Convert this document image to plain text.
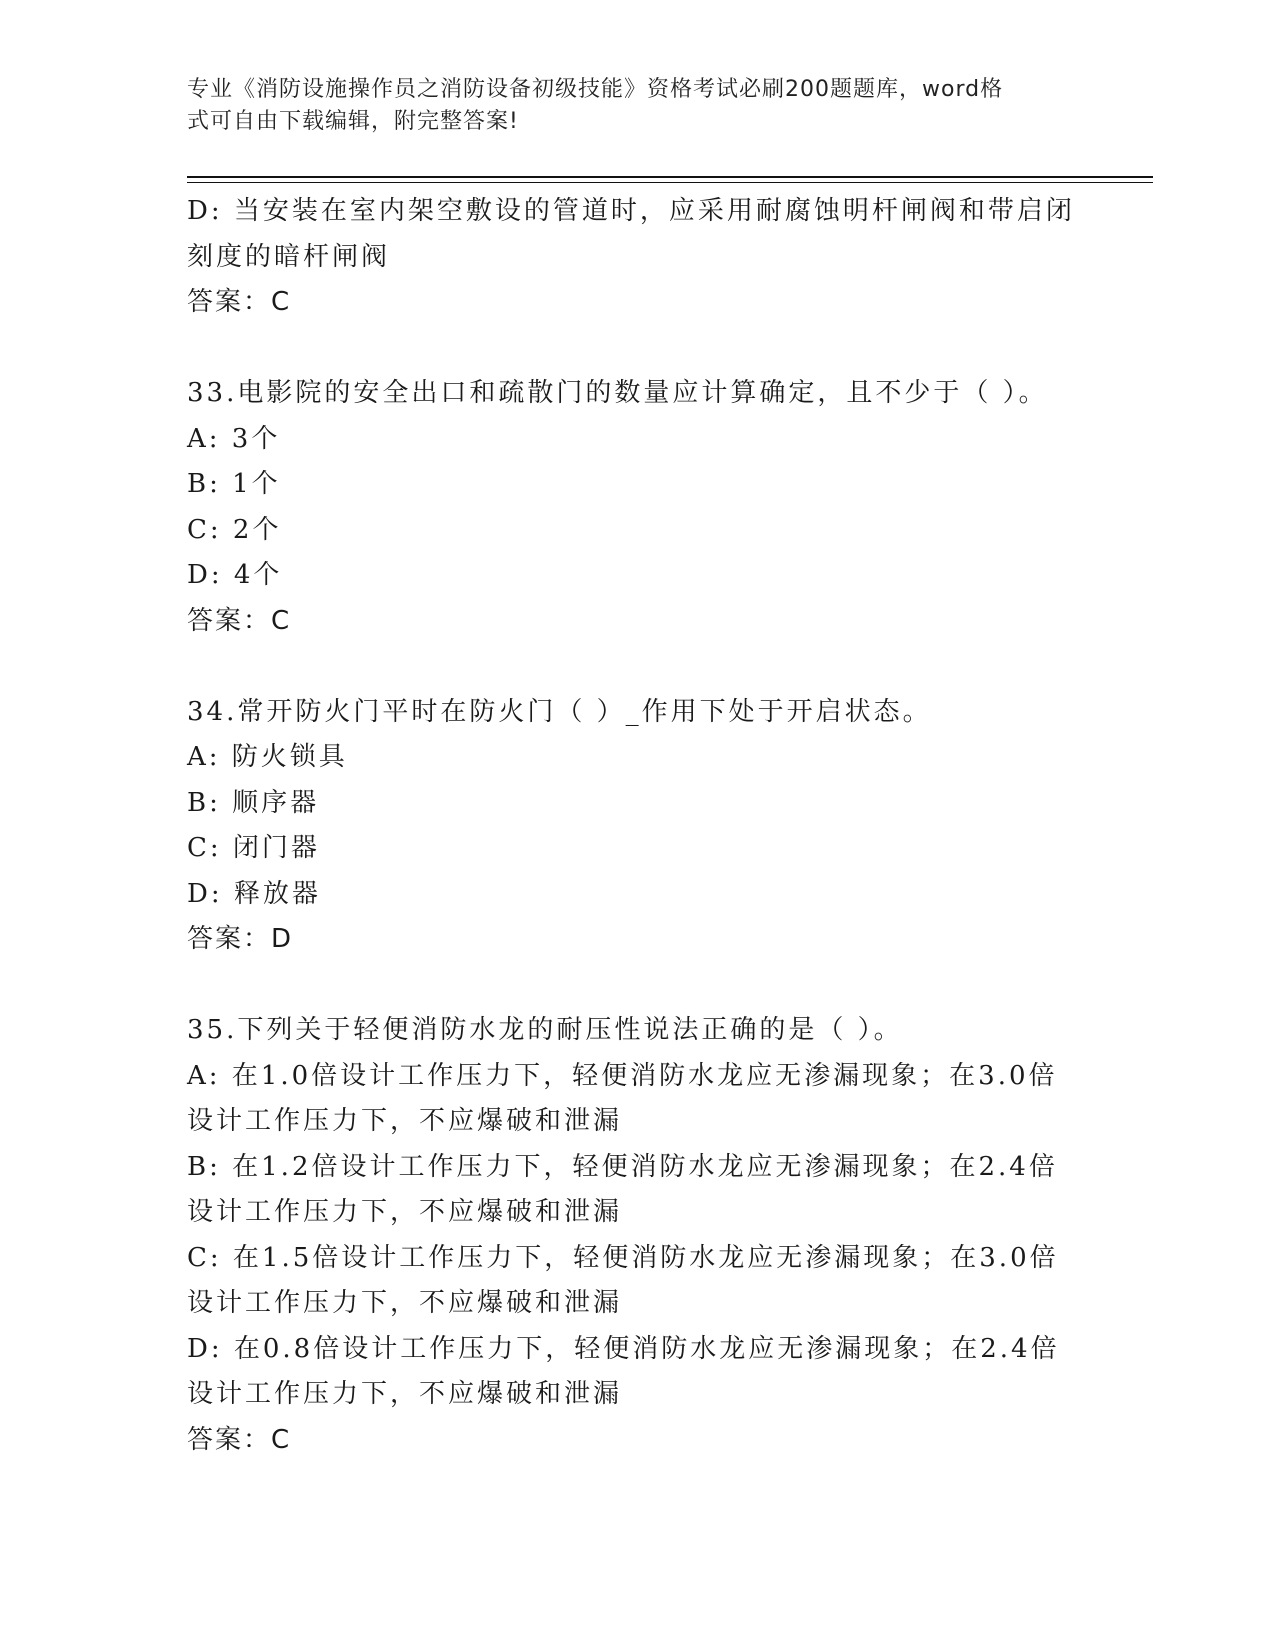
专业《消防设施操作员之消防设备初级技能》资格考试必刷200题题库，word格
式可自由下载编辑，附完整答案!
D: 当安装在室内架空敷设的管道时，应采用耐腐蚀明杆闸阀和带启闭
刻度的暗杆闸阀
答案：C
33.电影院的安全出口和疏散门的数量应计算确定，且不少于（ ）。
A: 3个
B: 1个
C: 2个
D: 4个
答案：C
34.常开防火门平时在防火门（ ）_作用下处于开启状态。
A: 防火锁具
B: 顺序器
C: 闭门器
D: 释放器
答案：D
35.下列关于轻便消防水龙的耐压性说法正确的是（ ）。
A: 在1.0倍设计工作压力下，轻便消防水龙应无渗漏现象；在3.0倍
设计工作压力下，不应爆破和泄漏
B: 在1.2倍设计工作压力下，轻便消防水龙应无渗漏现象；在2.4倍
设计工作压力下，不应爆破和泄漏
C: 在1.5倍设计工作压力下，轻便消防水龙应无渗漏现象；在3.0倍
设计工作压力下，不应爆破和泄漏
D: 在0.8倍设计工作压力下，轻便消防水龙应无渗漏现象；在2.4倍
设计工作压力下，不应爆破和泄漏
答案：C
